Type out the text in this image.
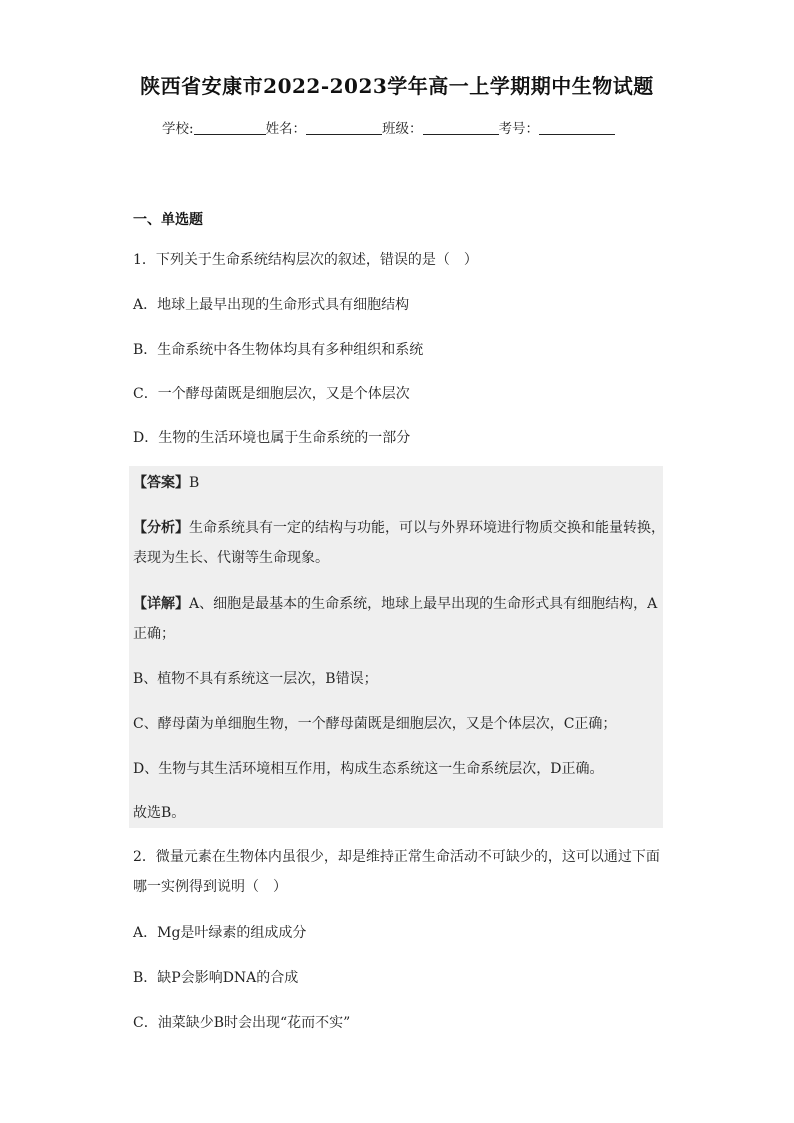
陕西省安康市2022-2023学年高一上学期期中生物试题
学校:	姓名：	班级：	考号：
一、单选题
1．下列关于生命系统结构层次的叙述，错误的是（　）
A．地球上最早出现的生命形式具有细胞结构
B．生命系统中各生物体均具有多种组织和系统
C．一个酵母菌既是细胞层次，又是个体层次
D．生物的生活环境也属于生命系统的一部分
【答案】B
【分析】生命系统具有一定的结构与功能，可以与外界环境进行物质交换和能量转换，
表现为生长、代谢等生命现象。
【详解】A、细胞是最基本的生命系统，地球上最早出现的生命形式具有细胞结构，A
正确；
B、植物不具有系统这一层次，B错误；
C、酵母菌为单细胞生物，一个酵母菌既是细胞层次，又是个体层次，C正确；
D、生物与其生活环境相互作用，构成生态系统这一生命系统层次，D正确。
故选B。
2．微量元素在生物体内虽很少，却是维持正常生命活动不可缺少的，这可以通过下面
哪一实例得到说明（　）
A．Mg是叶绿素的组成成分
B．缺P会影响DNA的合成
C．油菜缺少B时会出现“花而不实”
